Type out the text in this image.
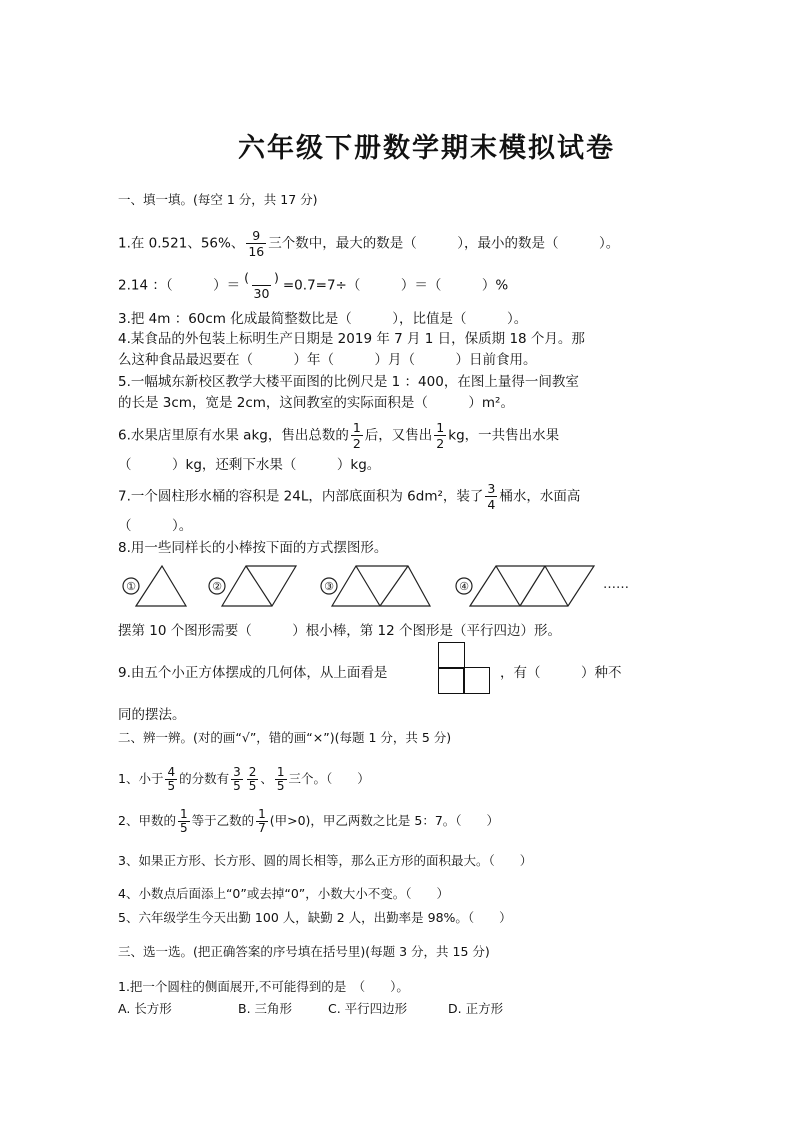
六年级下册数学期末模拟试卷
一、填一填。(每空 1 分，共 17 分)
1.在 0.521、56%、 $\frac{9}{16}$ 三个数中，最大的数是（　　　），最小的数是（　　　）。
2.14 ：（　　　）＝ $\frac{( )}{30} =0.7=7\div$（　　　）＝（　　　）%
3.把 4m ：60cm 化成最简整数比是（　　　），比值是（　　　）。
4.某食品的外包装上标明生产日期是 2019 年 7 月 1 日，保质期 18 个月。那
么这种食品最迟要在（　　　）年（　　　）月（　　　）日前食用。
5.一幅城东新校区教学大楼平面图的比例尺是 1 ：400，在图上量得一间教室
的长是 3cm，宽是 2cm，这间教室的实际面积是（　　　）m²。
6.水果店里原有水果 akg，售出总数的 $\frac{1}{2}$ 后，又售出 $\frac{1}{2}$ kg，一共售出水果
（　　　）kg，还剩下水果（　　　）kg。
7.一个圆柱形水桶的容积是 24L，内部底面积为 6dm²，装了 $\frac{3}{4}$ 桶水，水面高
（　　　）。
8.用一些同样长的小棒按下面的方式摆图形。
①	②	③	④	……
摆第 10 个图形需要（　　　）根小棒，第 12 个图形是（平行四边）形。
9.由五个小正方体摆成的几何体，从上面看是	，有（　　　）种不
同的摆法。
二、辨一辨。(对的画“√”，错的画“×”)(每题 1 分，共 5 分)
1、小于 $\frac{4}{5}$ 的分数有 $\frac{3}{5} \frac{2}{5}$ 、 $\frac{1}{5}$ 三个。（　　）
2、甲数的 $\frac{1}{5}$ 等于乙数的 $\frac{1}{7}$ (甲>0)，甲乙两数之比是 5：7。（　　）
3、如果正方形、长方形、圆的周长相等，那么正方形的面积最大。（　　）
4、小数点后面添上“0”或去掉“0”，小数大小不变。（　　）
5、六年级学生今天出勤 100 人，缺勤 2 人，出勤率是 98%。（　　）
三、选一选。(把正确答案的序号填在括号里)(每题 3 分，共 15 分)
1.把一个圆柱的侧面展开,不可能得到的是　（　　）。
A. 长方形	B. 三角形	C. 平行四边形	D. 正方形
